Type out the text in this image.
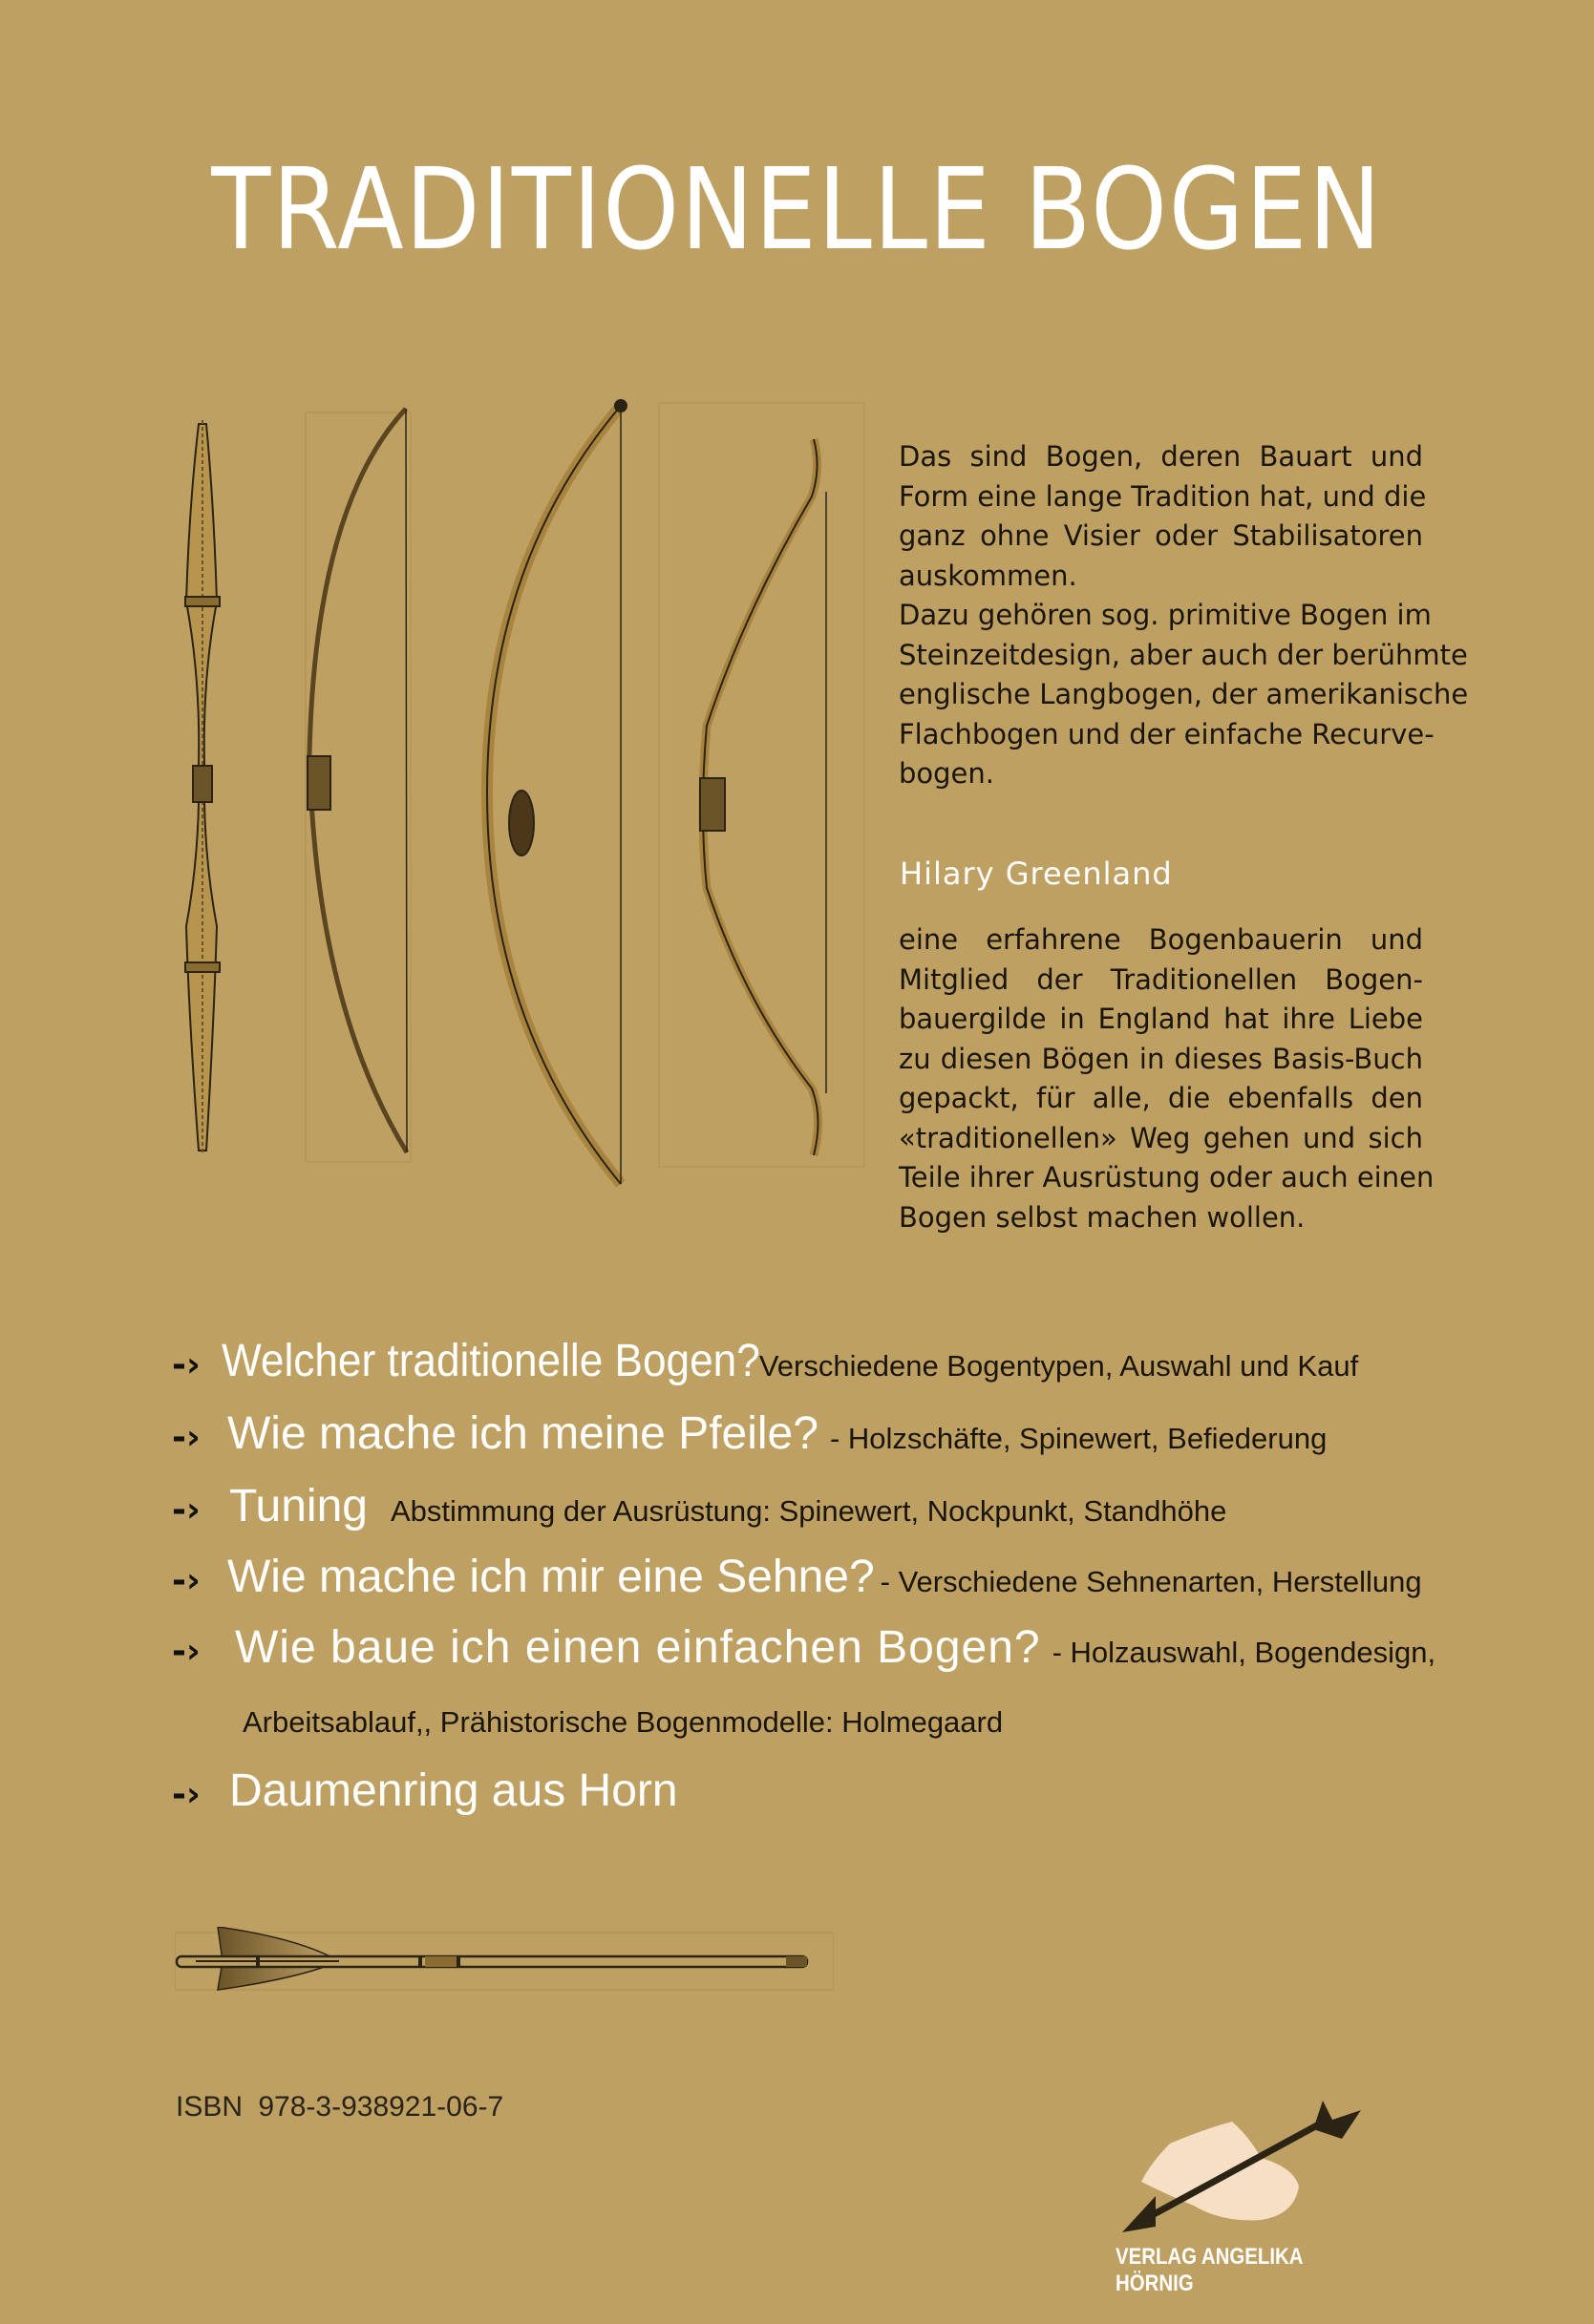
TRADITIONELLE BOGEN
Das sind Bogen, deren Bauart und
Form eine lange Tradition hat, und die
ganz ohne Visier oder Stabilisatoren
auskommen.
Dazu gehören sog. primitive Bogen im
Steinzeitdesign, aber auch der berühmte
englische Langbogen, der amerikanische
Flachbogen und der einfache Recurve-
bogen.
Hilary Greenland
eine erfahrene Bogenbauerin und
Mitglied der Traditionellen Bogen-
bauergilde in England hat ihre Liebe
zu diesen Bögen in dieses Basis-Buch
gepackt, für alle, die ebenfalls den
«traditionellen» Weg gehen und sich
Teile ihrer Ausrüstung oder auch einen
Bogen selbst machen wollen.
-› Welcher traditionelle Bogen? Verschiedene Bogentypen, Auswahl und Kauf
-› Wie mache ich meine Pfeile? - Holzschäfte, Spinewert, Befiederung
-› Tuning Abstimmung der Ausrüstung: Spinewert, Nockpunkt, Standhöhe
-› Wie mache ich mir eine Sehne? - Verschiedene Sehnenarten, Herstellung
-› Wie baue ich einen einfachen Bogen? - Holzauswahl, Bogendesign,
-› Daumenring aus Horn
Arbeitsablauf,, Prähistorische Bogenmodelle: Holmegaard
ISBN 978-3-938921-06-7
VERLAG ANGELIKA HÖRNIG
